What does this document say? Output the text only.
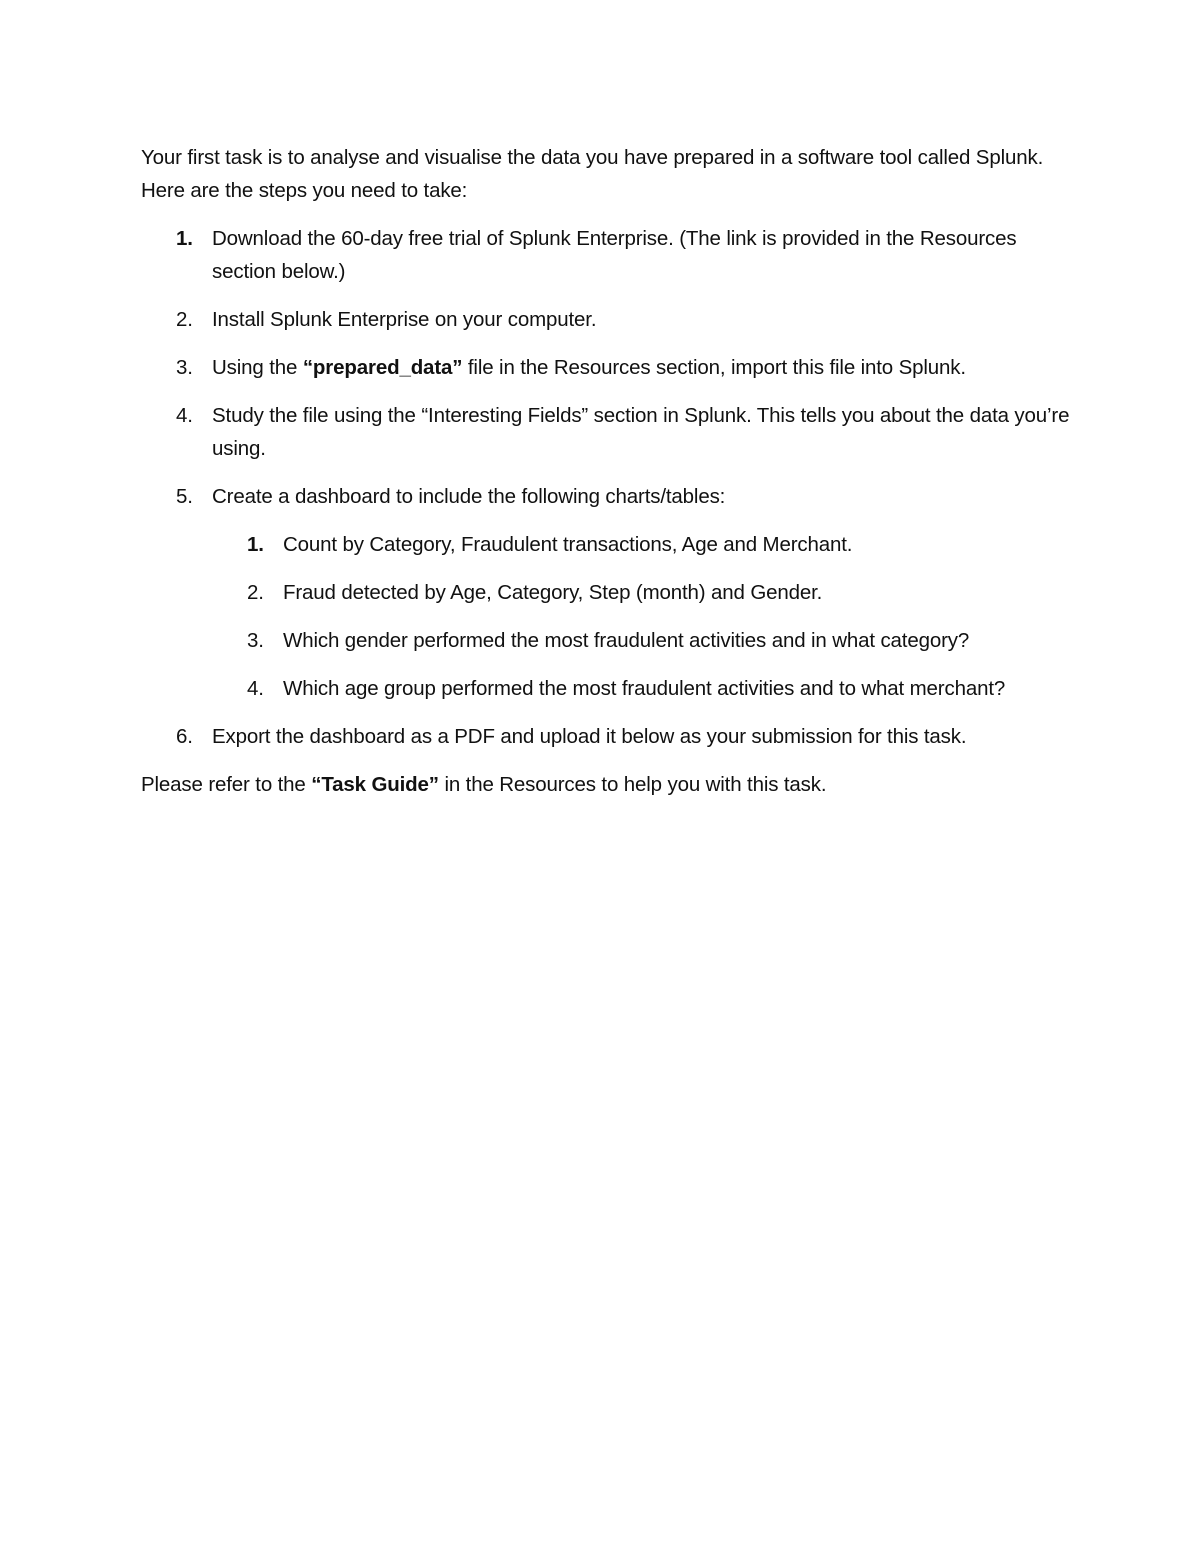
Your first task is to analyse and visualise the data you have prepared in a software tool called Splunk. Here are the steps you need to take:

1. Download the 60-day free trial of Splunk Enterprise. (The link is provided in the Resources section below.)
2. Install Splunk Enterprise on your computer.
3. Using the “prepared_data” file in the Resources section, import this file into Splunk.
4. Study the file using the “Interesting Fields” section in Splunk. This tells you about the data you’re using.
5. Create a dashboard to include the following charts/tables:
1. Count by Category, Fraudulent transactions, Age and Merchant.
2. Fraud detected by Age, Category, Step (month) and Gender.
3. Which gender performed the most fraudulent activities and in what category?
4. Which age group performed the most fraudulent activities and to what merchant?
6. Export the dashboard as a PDF and upload it below as your submission for this task.

Please refer to the “Task Guide” in the Resources to help you with this task.
